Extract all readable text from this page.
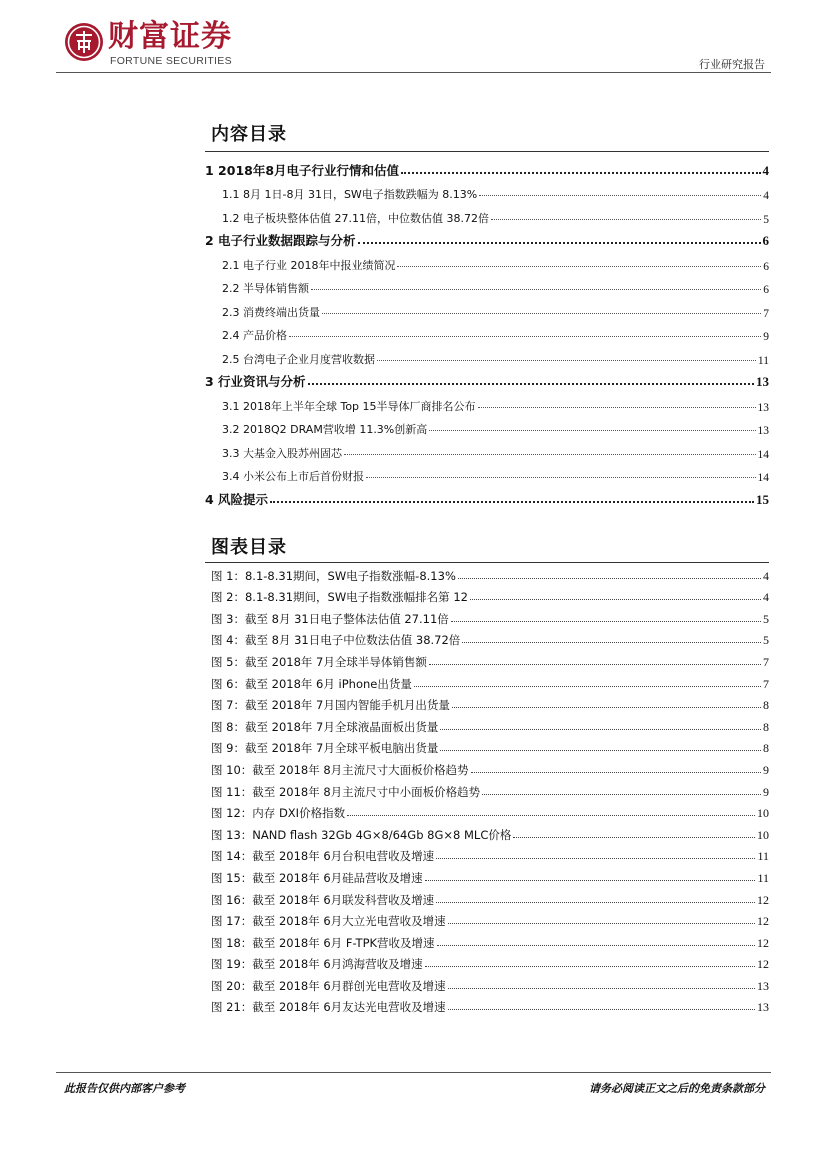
财富证券
FORTUNE SECURITIES	行业研究报告
内容目录
1 2018年8月电子行业行情和估值	4
1.1 8月 1日-8月 31日，SW电子指数跌幅为 8.13%	4
1.2 电子板块整体估值 27.11倍，中位数估值 38.72倍	5
2 电子行业数据跟踪与分析	6
2.1 电子行业 2018年中报业绩简况	6
2.2 半导体销售额	6
2.3 消费终端出货量	7
2.4 产品价格	9
2.5 台湾电子企业月度营收数据	11
3 行业资讯与分析	13
3.1 2018年上半年全球 Top 15半导体厂商排名公布	13
3.2 2018Q2 DRAM营收增 11.3%创新高	13
3.3 大基金入股苏州固芯	14
3.4 小米公布上市后首份财报	14
4 风险提示	15
图表目录
图 1：8.1-8.31期间，SW电子指数涨幅-8.13%	4
图 2：8.1-8.31期间，SW电子指数涨幅排名第 12	4
图 3：截至 8月 31日电子整体法估值 27.11倍	5
图 4：截至 8月 31日电子中位数法估值 38.72倍	5
图 5：截至 2018年 7月全球半导体销售额	7
图 6：截至 2018年 6月 iPhone出货量	7
图 7：截至 2018年 7月国内智能手机月出货量	8
图 8：截至 2018年 7月全球液晶面板出货量	8
图 9：截至 2018年 7月全球平板电脑出货量	8
图 10：截至 2018年 8月主流尺寸大面板价格趋势	9
图 11：截至 2018年 8月主流尺寸中小面板价格趋势	9
图 12：内存 DXI价格指数	10
图 13：NAND flash 32Gb 4G×8/64Gb 8G×8 MLC价格	10
图 14：截至 2018年 6月台积电营收及增速	11
图 15：截至 2018年 6月硅品营收及增速	11
图 16：截至 2018年 6月联发科营收及增速	12
图 17：截至 2018年 6月大立光电营收及增速	12
图 18：截至 2018年 6月 F-TPK营收及增速	12
图 19：截至 2018年 6月鸿海营收及增速	12
图 20：截至 2018年 6月群创光电营收及增速	13
图 21：截至 2018年 6月友达光电营收及增速	13
此报告仅供内部客户参考	请务必阅读正文之后的免责条款部分
